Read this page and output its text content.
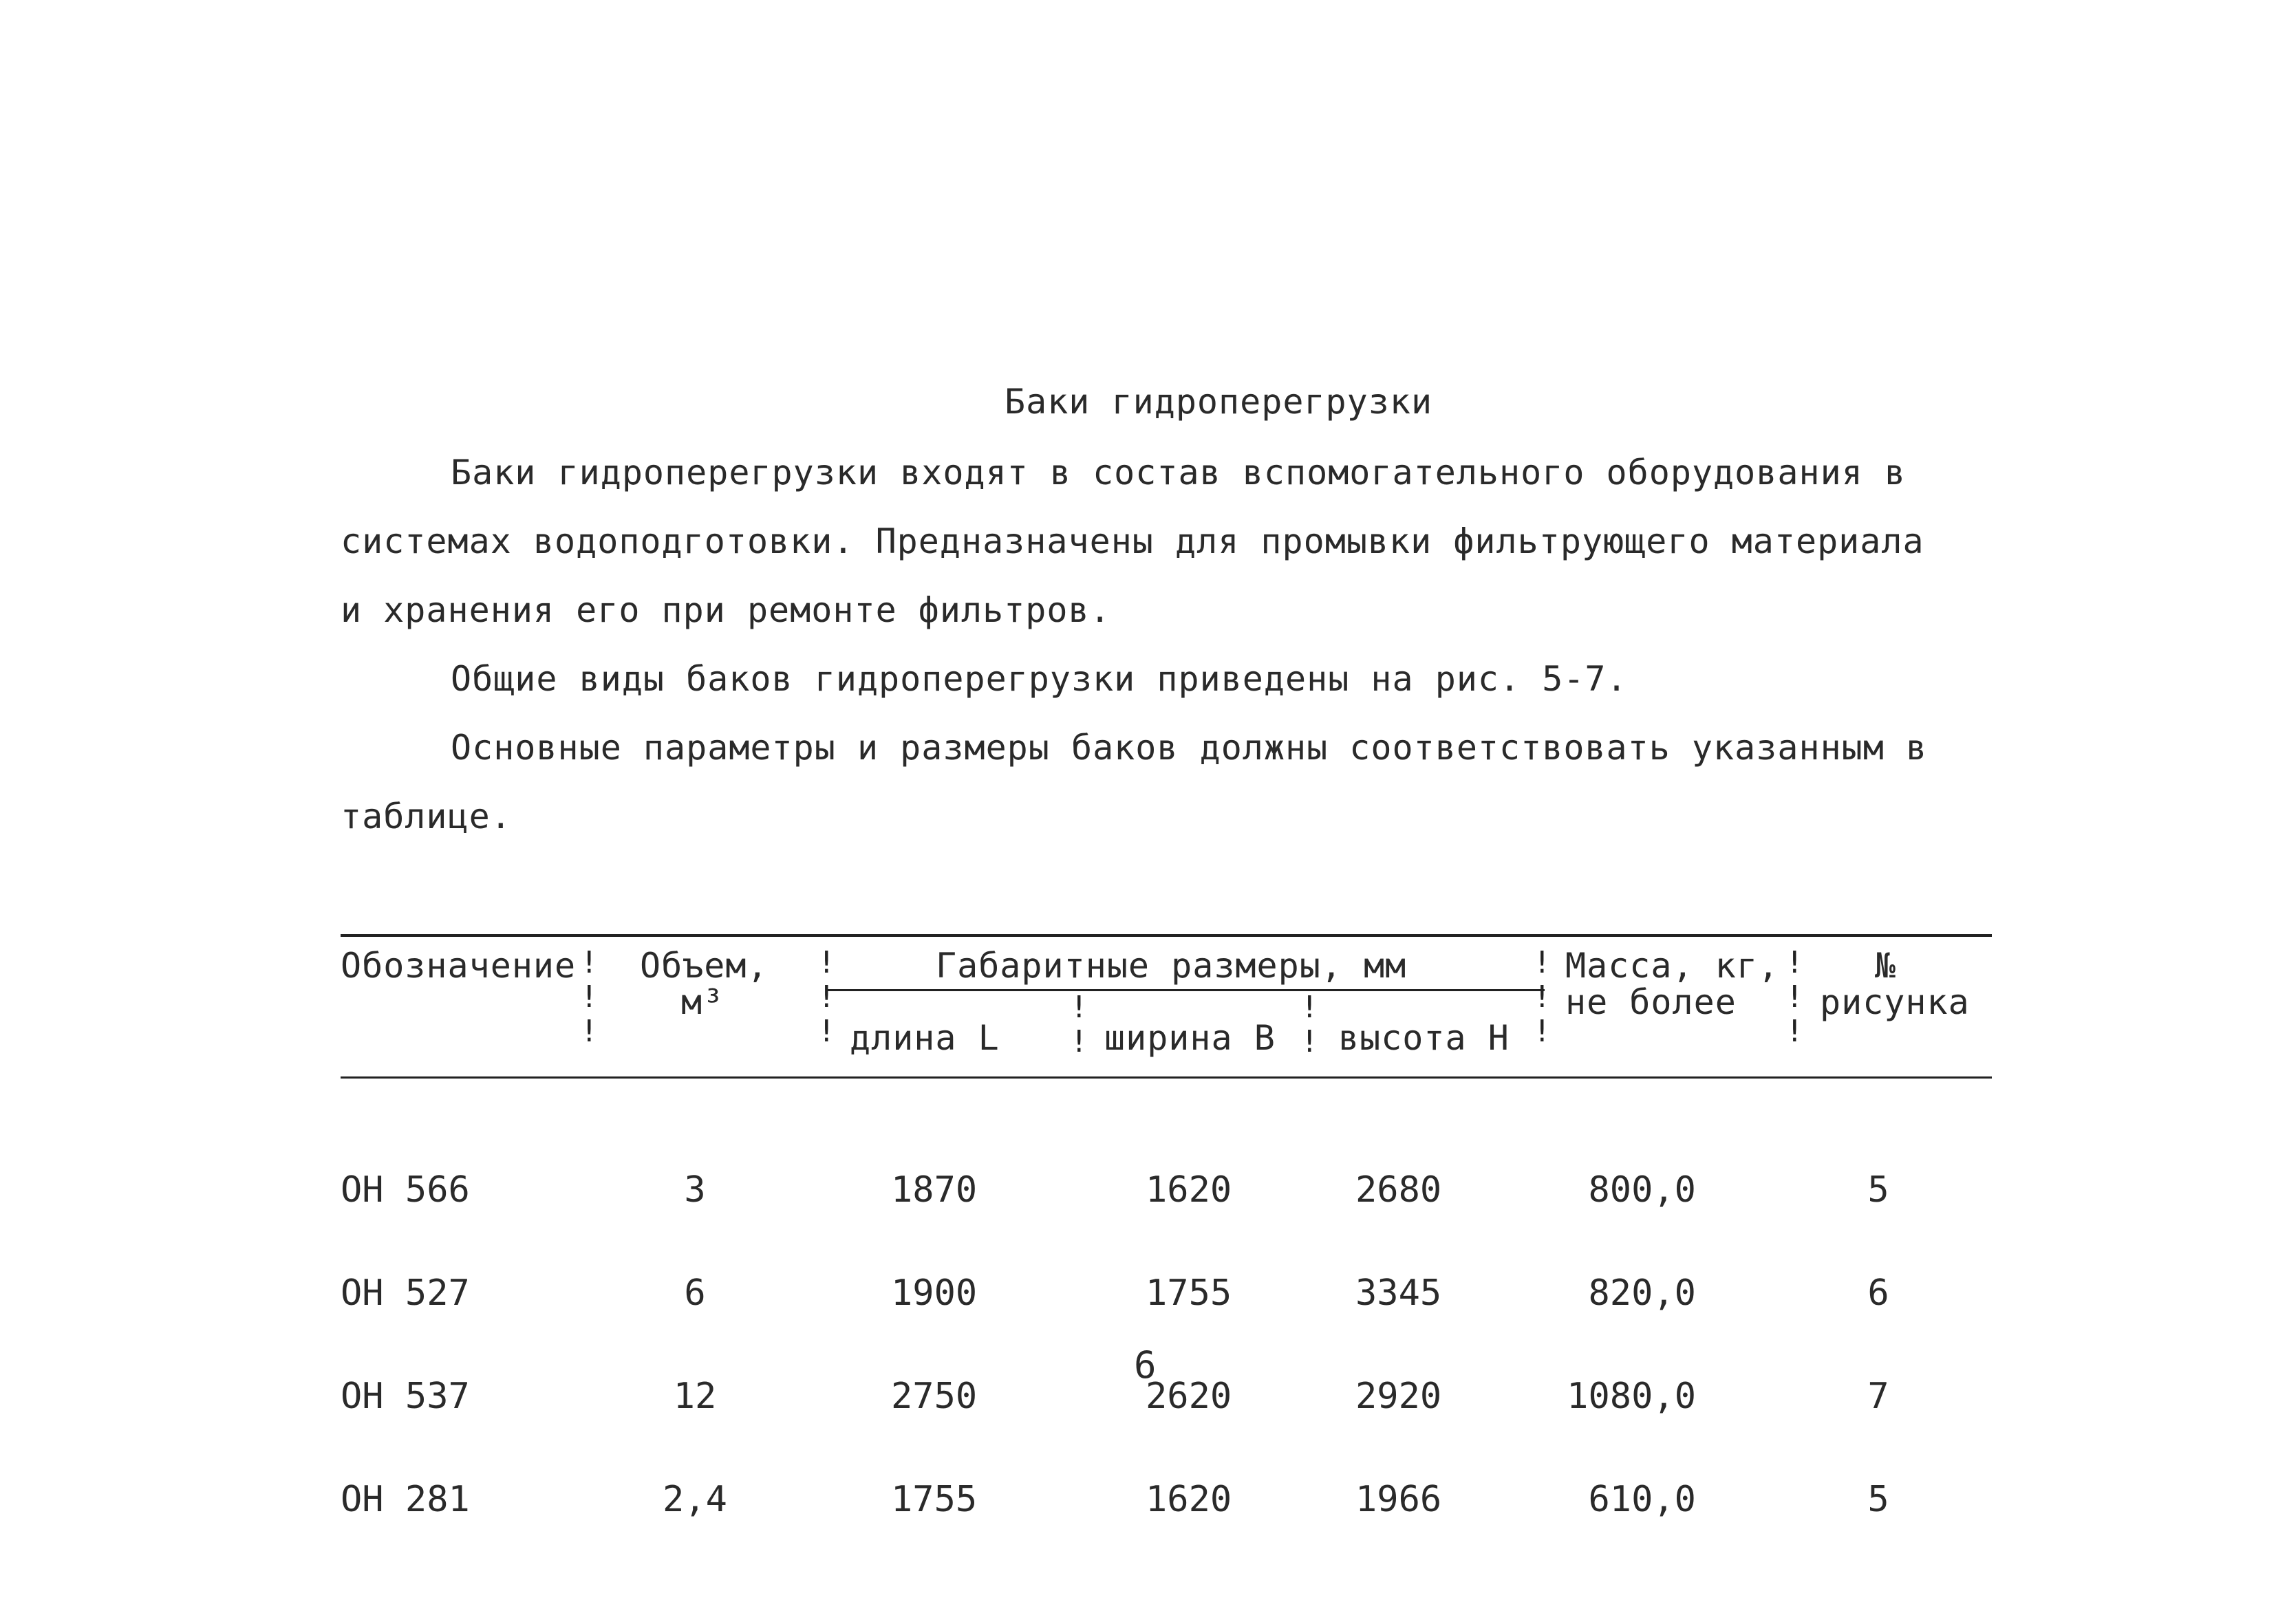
Баки гидроперегрузки
Баки гидроперегрузки входят в состав вспомогательного оборудования в
системах водоподготовки. Предназначены для промывки фильтрующего материала
и хранения его при ремонте фильтров.
Общие виды баков гидроперегрузки приведены на рис. 5-7.
Основные параметры и размеры баков должны соответствовать указанным в
таблице.
Обозначение Объем,
м³
Габаритные размеры, мм
длина L	ширина B высота H
Масса, кг,
не более
№
рисунка
!
!
!
!
!
!
!
!
!
!
!
!
!
!
!
!

ОН 566

ОН 527

ОН 537

ОН 281

3

6

12

2,4

1870

1900

2750

1755

1620

1755

2620

1620

2680

3345

2920

1966

800,0

820,0

1080,0

610,0

5

6

7

5

6
